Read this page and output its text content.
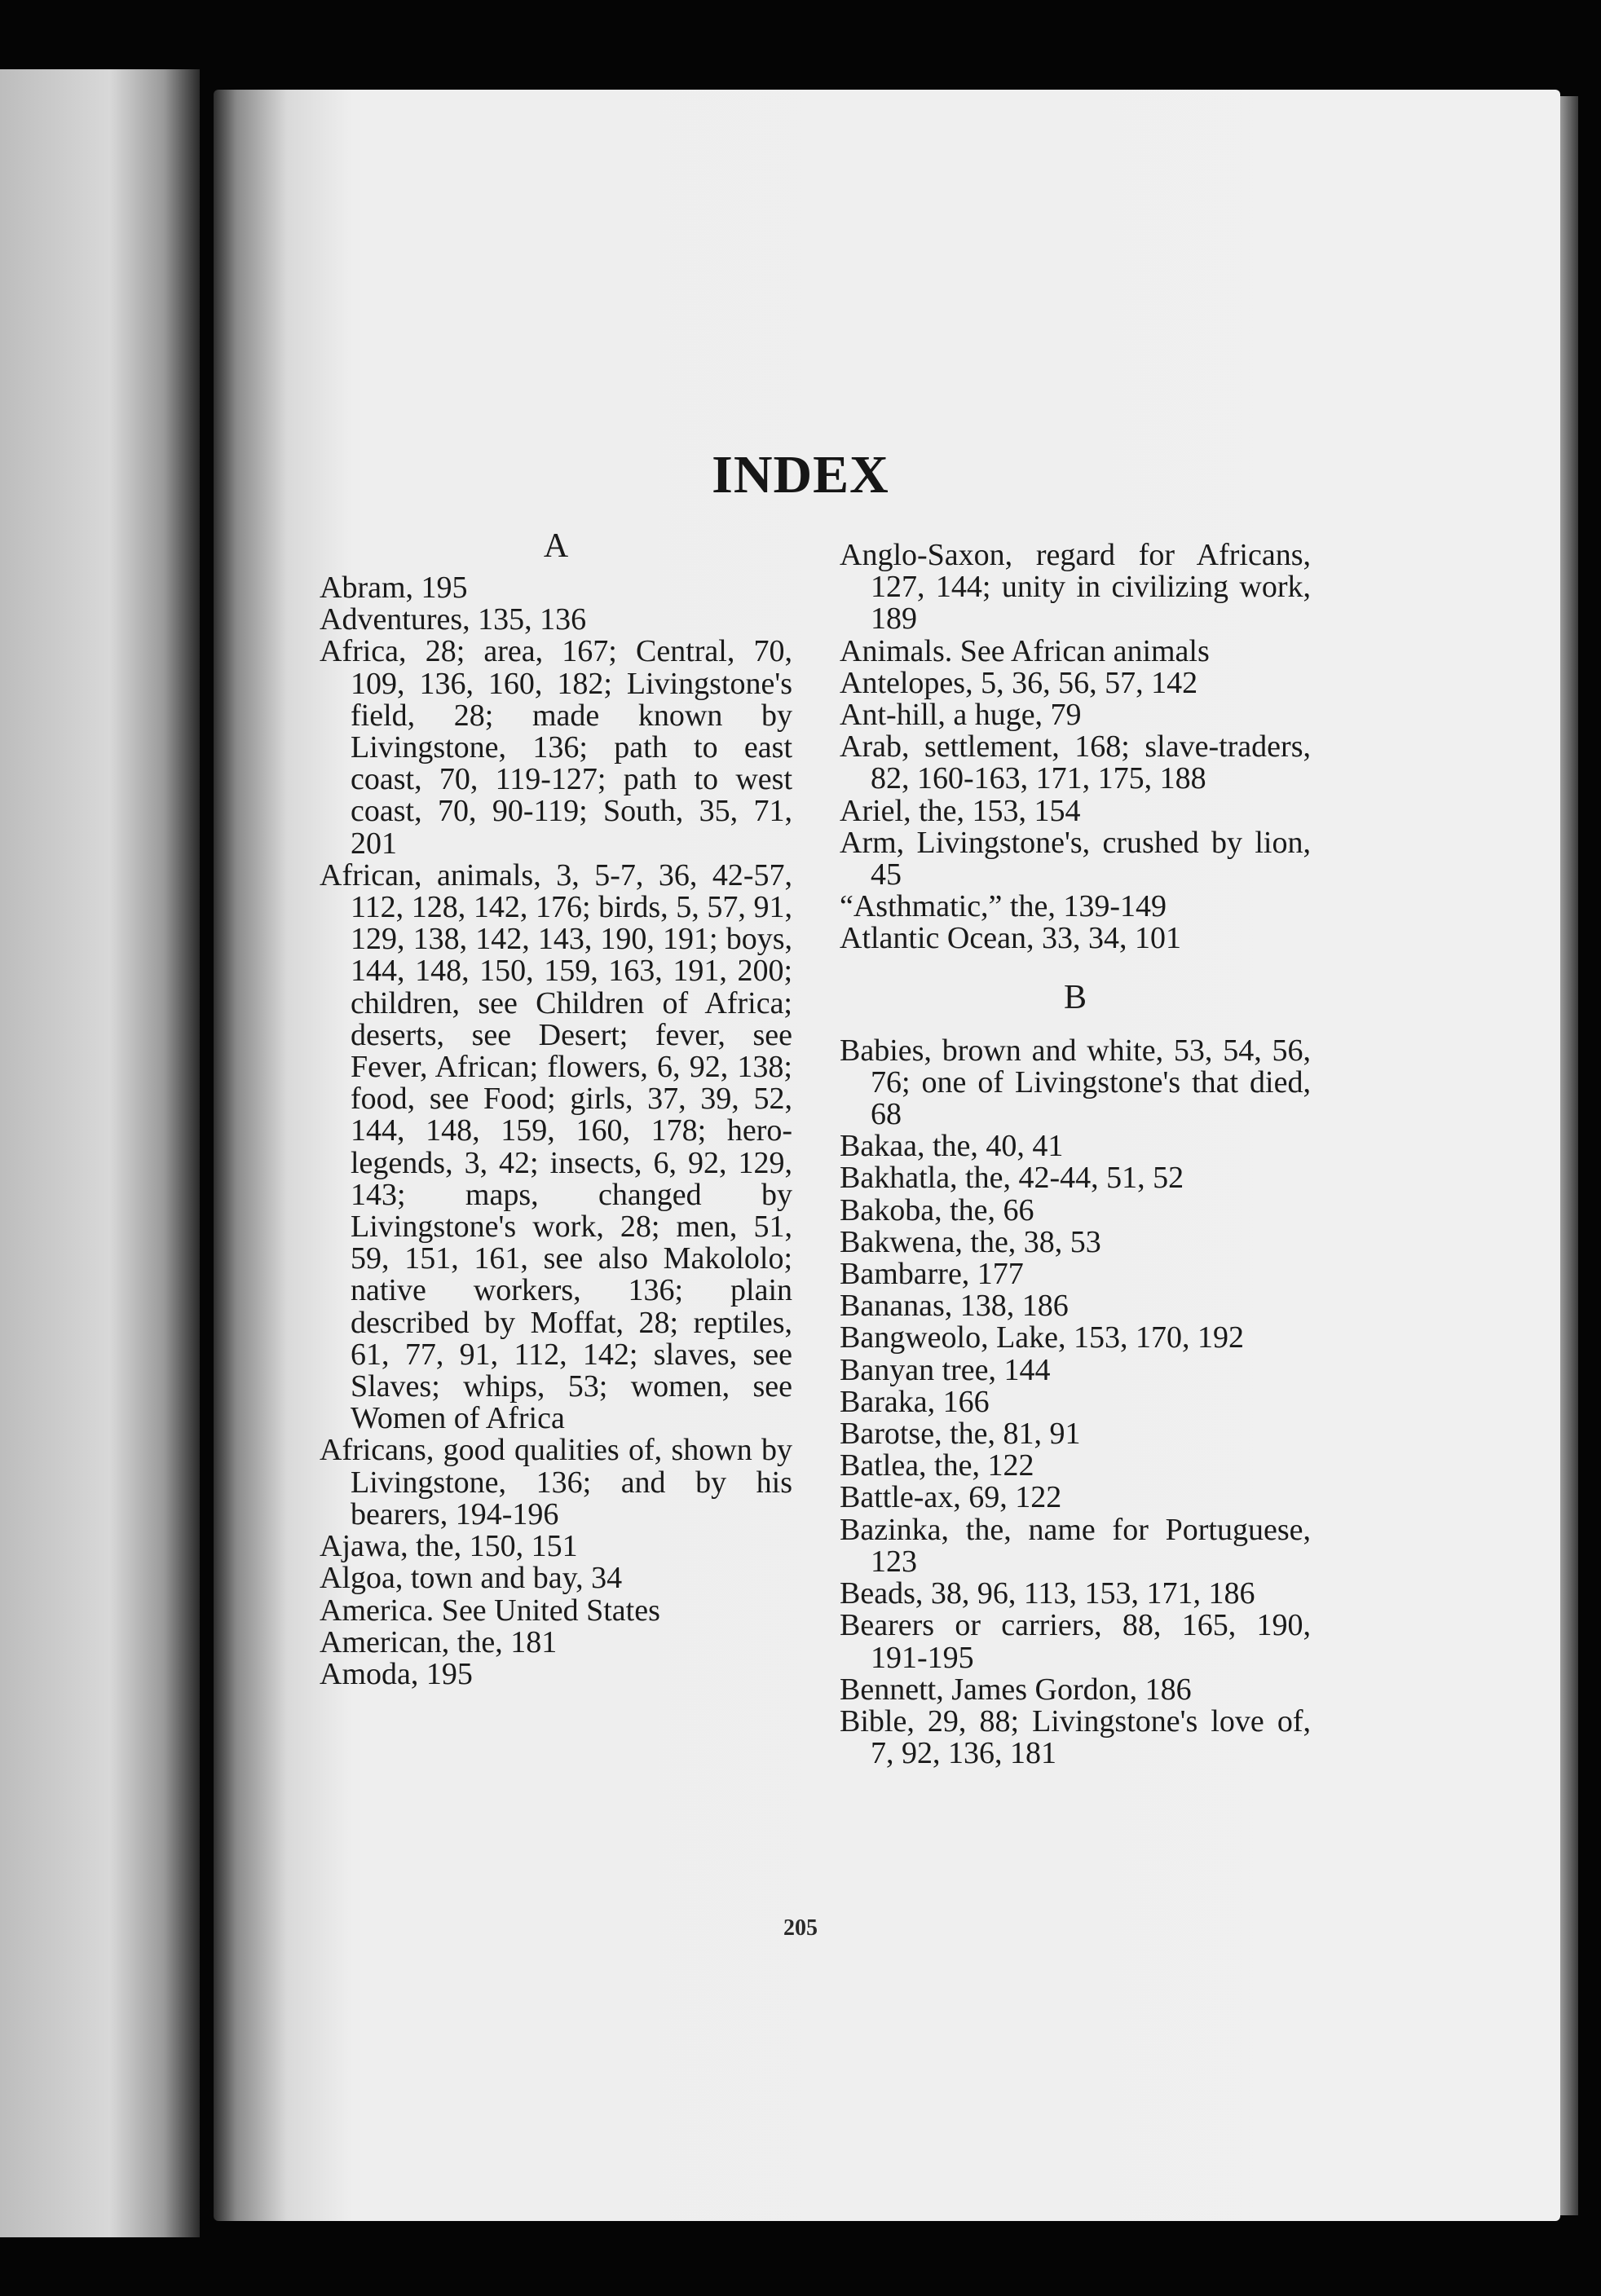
INDEX
A

Abram, 195

Adventures, 135, 136

Africa, 28; area, 167; Central, 70, 109, 136, 160, 182; Livingstone's field, 28; made known by Livingstone, 136; path to east coast, 70, 119-127; path to west coast, 70, 90-119; South, 35, 71, 201

African, animals, 3, 5-7, 36, 42-57, 112, 128, 142, 176; birds, 5, 57, 91, 129, 138, 142, 143, 190, 191; boys, 144, 148, 150, 159, 163, 191, 200; children, see Children of Africa; deserts, see Desert; fever, see Fever, African; flowers, 6, 92, 138; food, see Food; girls, 37, 39, 52, 144, 148, 159, 160, 178; hero-legends, 3, 42; insects, 6, 92, 129, 143; maps, changed by Livingstone's work, 28; men, 51, 59, 151, 161, see also Makololo; native workers, 136; plain described by Moffat, 28; reptiles, 61, 77, 91, 112, 142; slaves, see Slaves; whips, 53; women, see Women of Africa

Africans, good qualities of, shown by Livingstone, 136; and by his bearers, 194-196

Ajawa, the, 150, 151

Algoa, town and bay, 34

America. See United States

American, the, 181

Amoda, 195

Anglo-Saxon, regard for Africans, 127, 144; unity in civilizing work, 189

Animals. See African animals

Antelopes, 5, 36, 56, 57, 142

Ant-hill, a huge, 79

Arab, settlement, 168; slave-traders, 82, 160-163, 171, 175, 188

Ariel, the, 153, 154

Arm, Livingstone's, crushed by lion, 45

“Asthmatic,” the, 139-149

Atlantic Ocean, 33, 34, 101

B

Babies, brown and white, 53, 54, 56, 76; one of Livingstone's that died, 68

Bakaa, the, 40, 41

Bakhatla, the, 42-44, 51, 52

Bakoba, the, 66

Bakwena, the, 38, 53

Bambarre, 177

Bananas, 138, 186

Bangweolo, Lake, 153, 170, 192

Banyan tree, 144

Baraka, 166

Barotse, the, 81, 91

Batlea, the, 122

Battle-ax, 69, 122

Bazinka, the, name for Portuguese, 123

Beads, 38, 96, 113, 153, 171, 186

Bearers or carriers, 88, 165, 190, 191-195

Bennett, James Gordon, 186

Bible, 29, 88; Livingstone's love of, 7, 92, 136, 181

205
